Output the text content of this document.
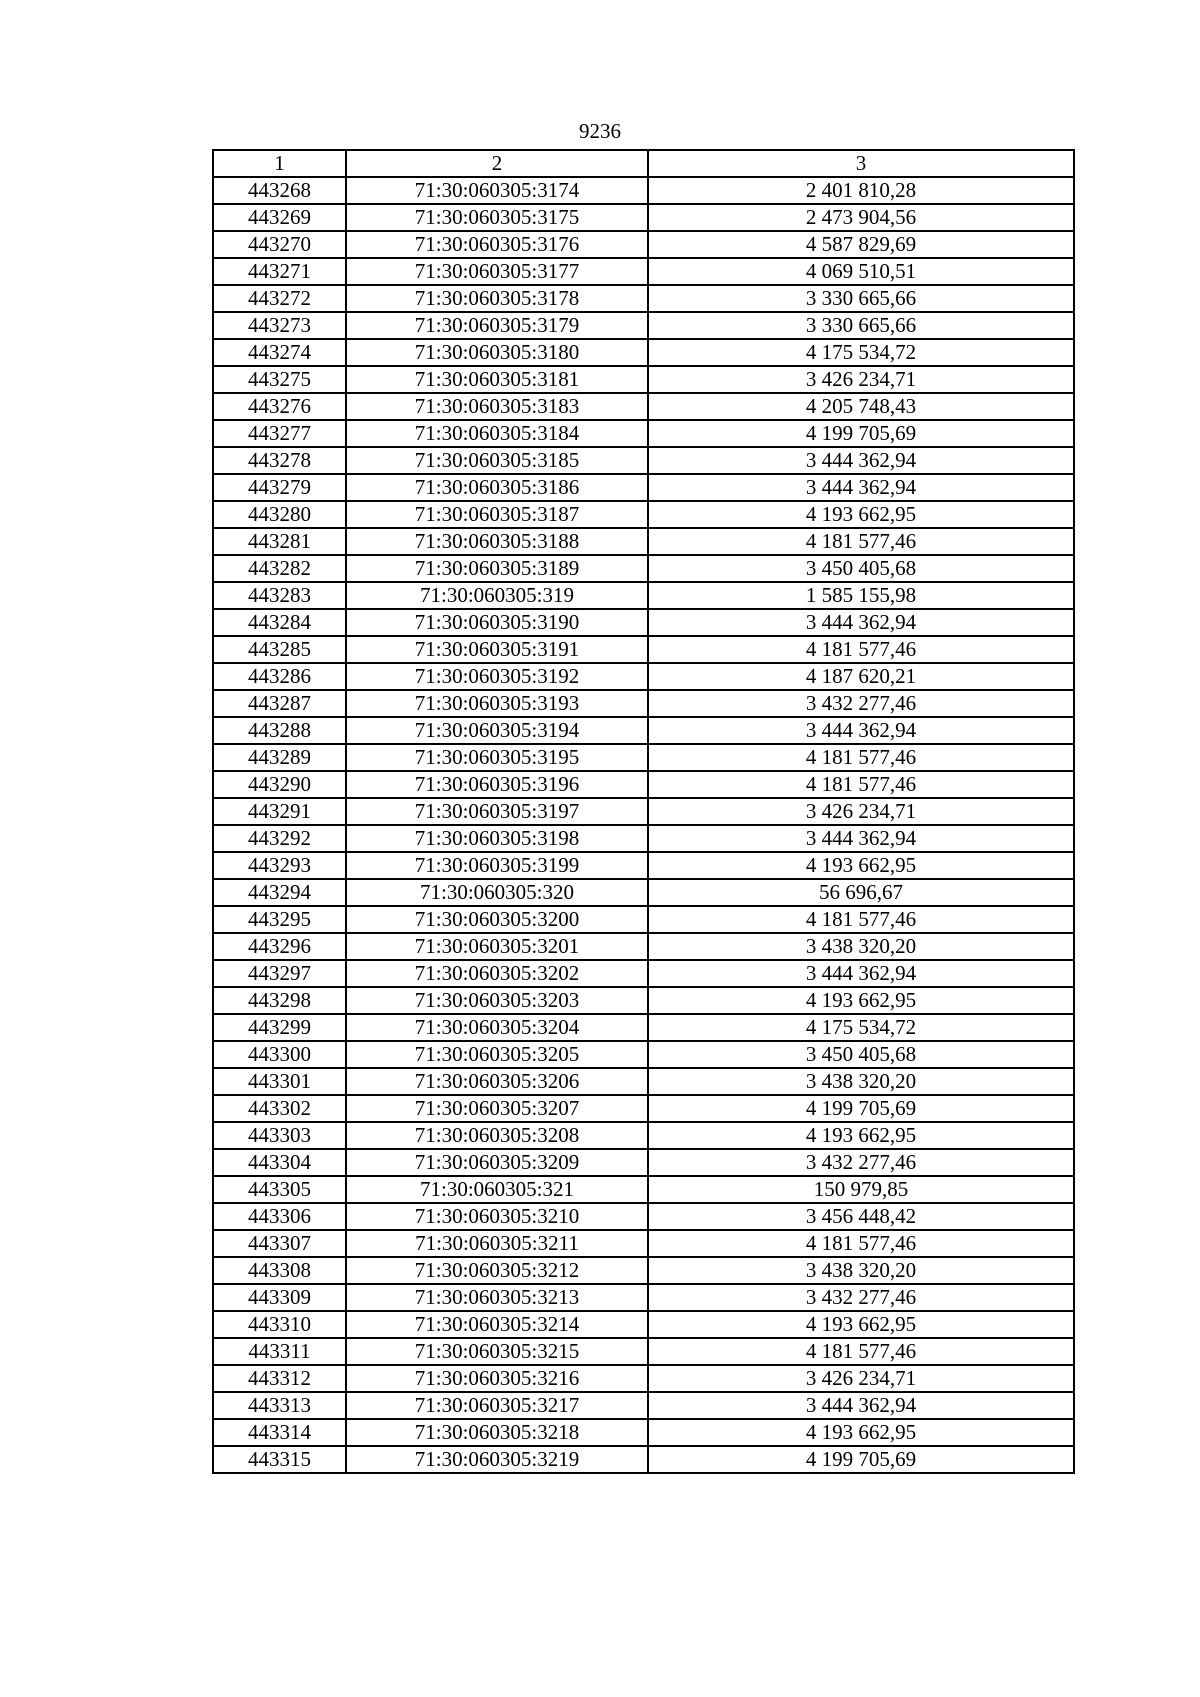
9236
1	2	3
443268	71:30:060305:3174	2 401 810,28
443269	71:30:060305:3175	2 473 904,56
443270	71:30:060305:3176	4 587 829,69
443271	71:30:060305:3177	4 069 510,51
443272	71:30:060305:3178	3 330 665,66
443273	71:30:060305:3179	3 330 665,66
443274	71:30:060305:3180	4 175 534,72
443275	71:30:060305:3181	3 426 234,71
443276	71:30:060305:3183	4 205 748,43
443277	71:30:060305:3184	4 199 705,69
443278	71:30:060305:3185	3 444 362,94
443279	71:30:060305:3186	3 444 362,94
443280	71:30:060305:3187	4 193 662,95
443281	71:30:060305:3188	4 181 577,46
443282	71:30:060305:3189	3 450 405,68
443283	71:30:060305:319	1 585 155,98
443284	71:30:060305:3190	3 444 362,94
443285	71:30:060305:3191	4 181 577,46
443286	71:30:060305:3192	4 187 620,21
443287	71:30:060305:3193	3 432 277,46
443288	71:30:060305:3194	3 444 362,94
443289	71:30:060305:3195	4 181 577,46
443290	71:30:060305:3196	4 181 577,46
443291	71:30:060305:3197	3 426 234,71
443292	71:30:060305:3198	3 444 362,94
443293	71:30:060305:3199	4 193 662,95
443294	71:30:060305:320	56 696,67
443295	71:30:060305:3200	4 181 577,46
443296	71:30:060305:3201	3 438 320,20
443297	71:30:060305:3202	3 444 362,94
443298	71:30:060305:3203	4 193 662,95
443299	71:30:060305:3204	4 175 534,72
443300	71:30:060305:3205	3 450 405,68
443301	71:30:060305:3206	3 438 320,20
443302	71:30:060305:3207	4 199 705,69
443303	71:30:060305:3208	4 193 662,95
443304	71:30:060305:3209	3 432 277,46
443305	71:30:060305:321	150 979,85
443306	71:30:060305:3210	3 456 448,42
443307	71:30:060305:3211	4 181 577,46
443308	71:30:060305:3212	3 438 320,20
443309	71:30:060305:3213	3 432 277,46
443310	71:30:060305:3214	4 193 662,95
443311	71:30:060305:3215	4 181 577,46
443312	71:30:060305:3216	3 426 234,71
443313	71:30:060305:3217	3 444 362,94
443314	71:30:060305:3218	4 193 662,95
443315	71:30:060305:3219	4 199 705,69
